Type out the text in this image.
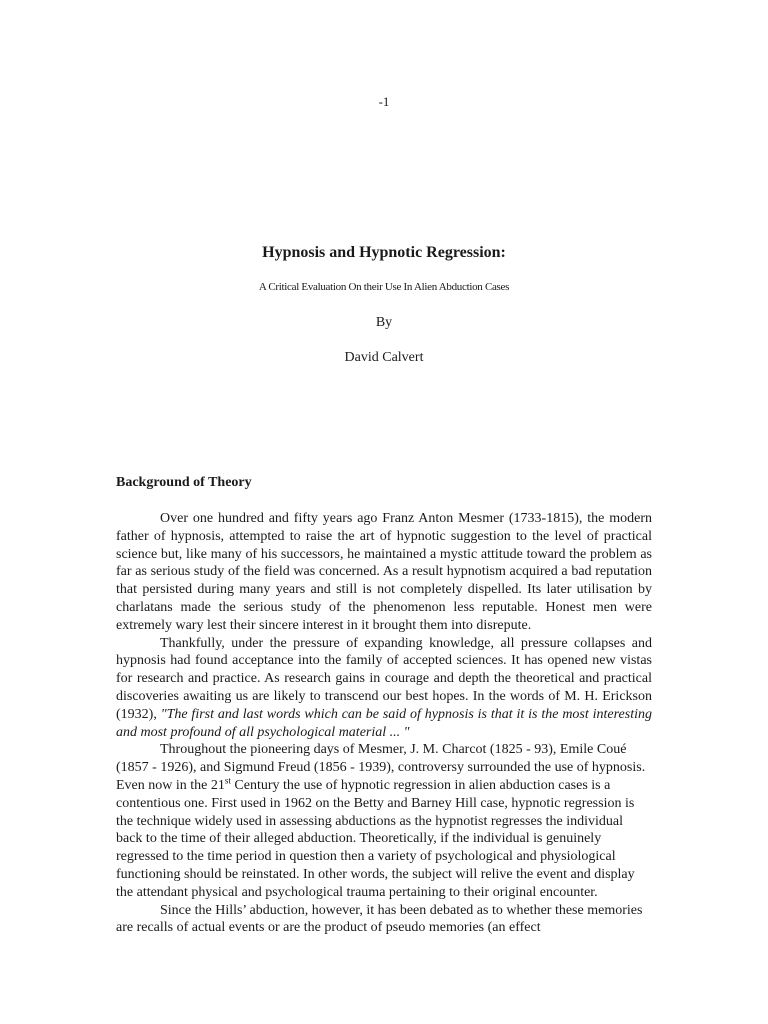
-1
Hypnosis and Hypnotic Regression:
A Critical Evaluation On their Use In Alien Abduction Cases
By
David Calvert
Background of Theory

Over one hundred and fifty years ago Franz Anton Mesmer (1733-1815), the modern father of hypnosis, attempted to raise the art of hypnotic suggestion to the level of practical science but, like many of his successors, he maintained a mystic attitude toward the problem as far as serious study of the field was concerned. As a result hypnotism acquired a bad reputation that persisted during many years and still is not completely dispelled. Its later utilisation by charlatans made the serious study of the phenomenon less reputable. Honest men were extremely wary lest their sincere interest in it brought them into disrepute.

Thankfully, under the pressure of expanding knowledge, all pressure collapses and hypnosis had found acceptance into the family of accepted sciences. It has opened new vistas for research and practice. As research gains in courage and depth the theoretical and practical discoveries awaiting us are likely to transcend our best hopes. In the words of M. H. Erickson (1932), "The first and last words which can be said of hypnosis is that it is the most interesting and most profound of all psychological material ... "

Throughout the pioneering days of Mesmer, J. M. Charcot (1825 - 93), Emile Coué (1857 - 1926), and Sigmund Freud (1856 - 1939), controversy surrounded the use of hypnosis. Even now in the 21st Century the use of hypnotic regression in alien abduction cases is a contentious one. First used in 1962 on the Betty and Barney Hill case, hypnotic regression is the technique widely used in assessing abductions as the hypnotist regresses the individual back to the time of their alleged abduction. Theoretically, if the individual is genuinely regressed to the time period in question then a variety of psychological and physiological functioning should be reinstated. In other words, the subject will relive the event and display the attendant physical and psychological trauma pertaining to their original encounter.

Since the Hills’ abduction, however, it has been debated as to whether these memories are recalls of actual events or are the product of pseudo memories (an effect
